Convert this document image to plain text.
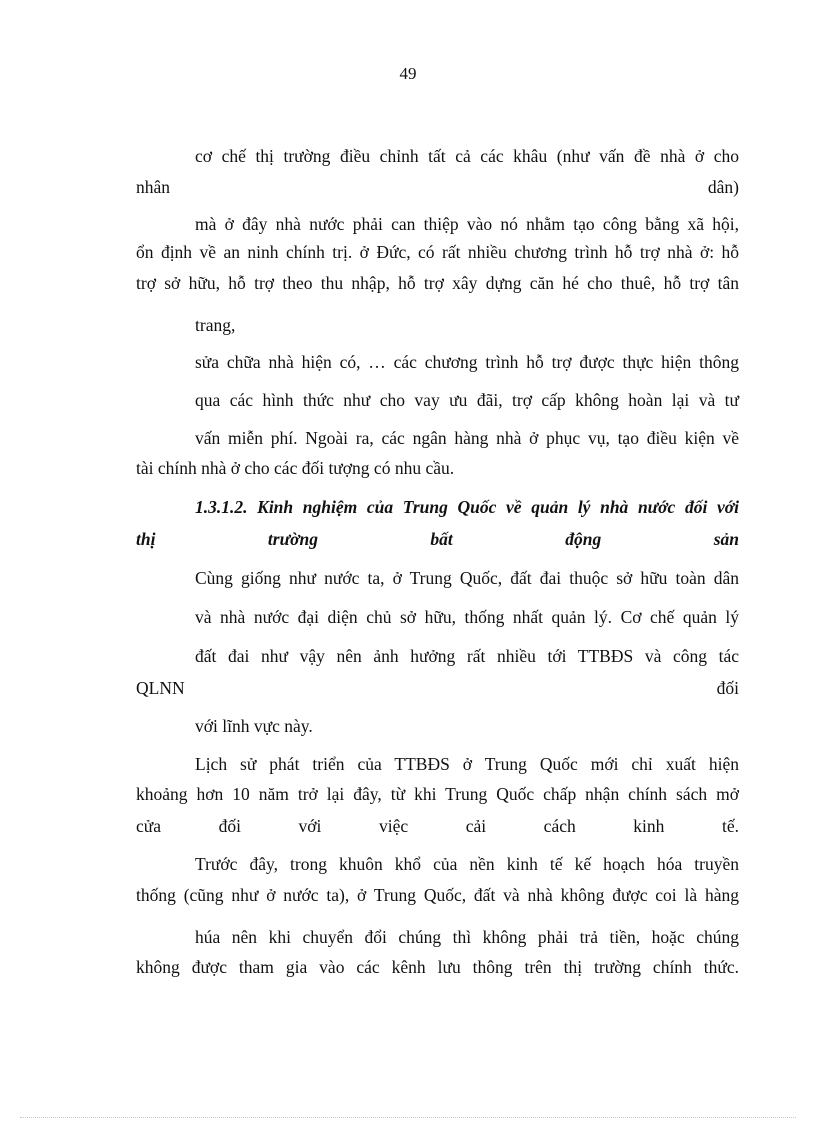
49
cơ chế thị trường điều chỉnh tất cả các khâu (như vấn đề nhà ở cho
nhân dân)
mà ở đây nhà nước phải can thiệp vào nó nhằm tạo công bằng xã hội,
ổn định về an ninh chính trị. ở Đức, có rất nhiều chương trình hỗ trợ nhà ở: hỗ
trợ sở hữu, hỗ trợ theo thu nhập, hỗ trợ xây dựng căn hé cho thuê, hỗ trợ tân
trang,
sửa chữa nhà hiện có, … các chương trình hỗ trợ được thực hiện thông
qua các hình thức như cho vay ưu đãi, trợ cấp không hoàn lại và tư
vấn miễn phí. Ngoài ra, các ngân hàng nhà ở phục vụ, tạo điều kiện về
tài chính nhà ở cho các đối tượng có nhu cầu.
1.3.1.2. Kinh nghiệm của Trung Quốc về quản lý nhà nước đối với
thị trường bất động sản
Cùng giống như nước ta, ở Trung Quốc, đất đai thuộc sở hữu toàn dân
và nhà nước đại diện chủ sở hữu, thống nhất quản lý. Cơ chế quản lý
đất đai như vậy nên ảnh hưởng rất nhiều tới TTBĐS và công tác
QLNN đối
với lĩnh vực này.
Lịch sử phát triển của TTBĐS ở Trung Quốc mới chỉ xuất hiện
khoảng hơn 10 năm trở lại đây, từ khi Trung Quốc chấp nhận chính sách mở
cửa đối với việc cải cách kinh tế.
Trước đây, trong khuôn khổ của nền kinh tế kế hoạch hóa truyền
thống (cũng như ở nước ta), ở Trung Quốc, đất và nhà không được coi là hàng
húa nên khi chuyển đổi chúng thì không phải trả tiền, hoặc chúng
không được tham gia vào các kênh lưu thông trên thị trường chính thức.
